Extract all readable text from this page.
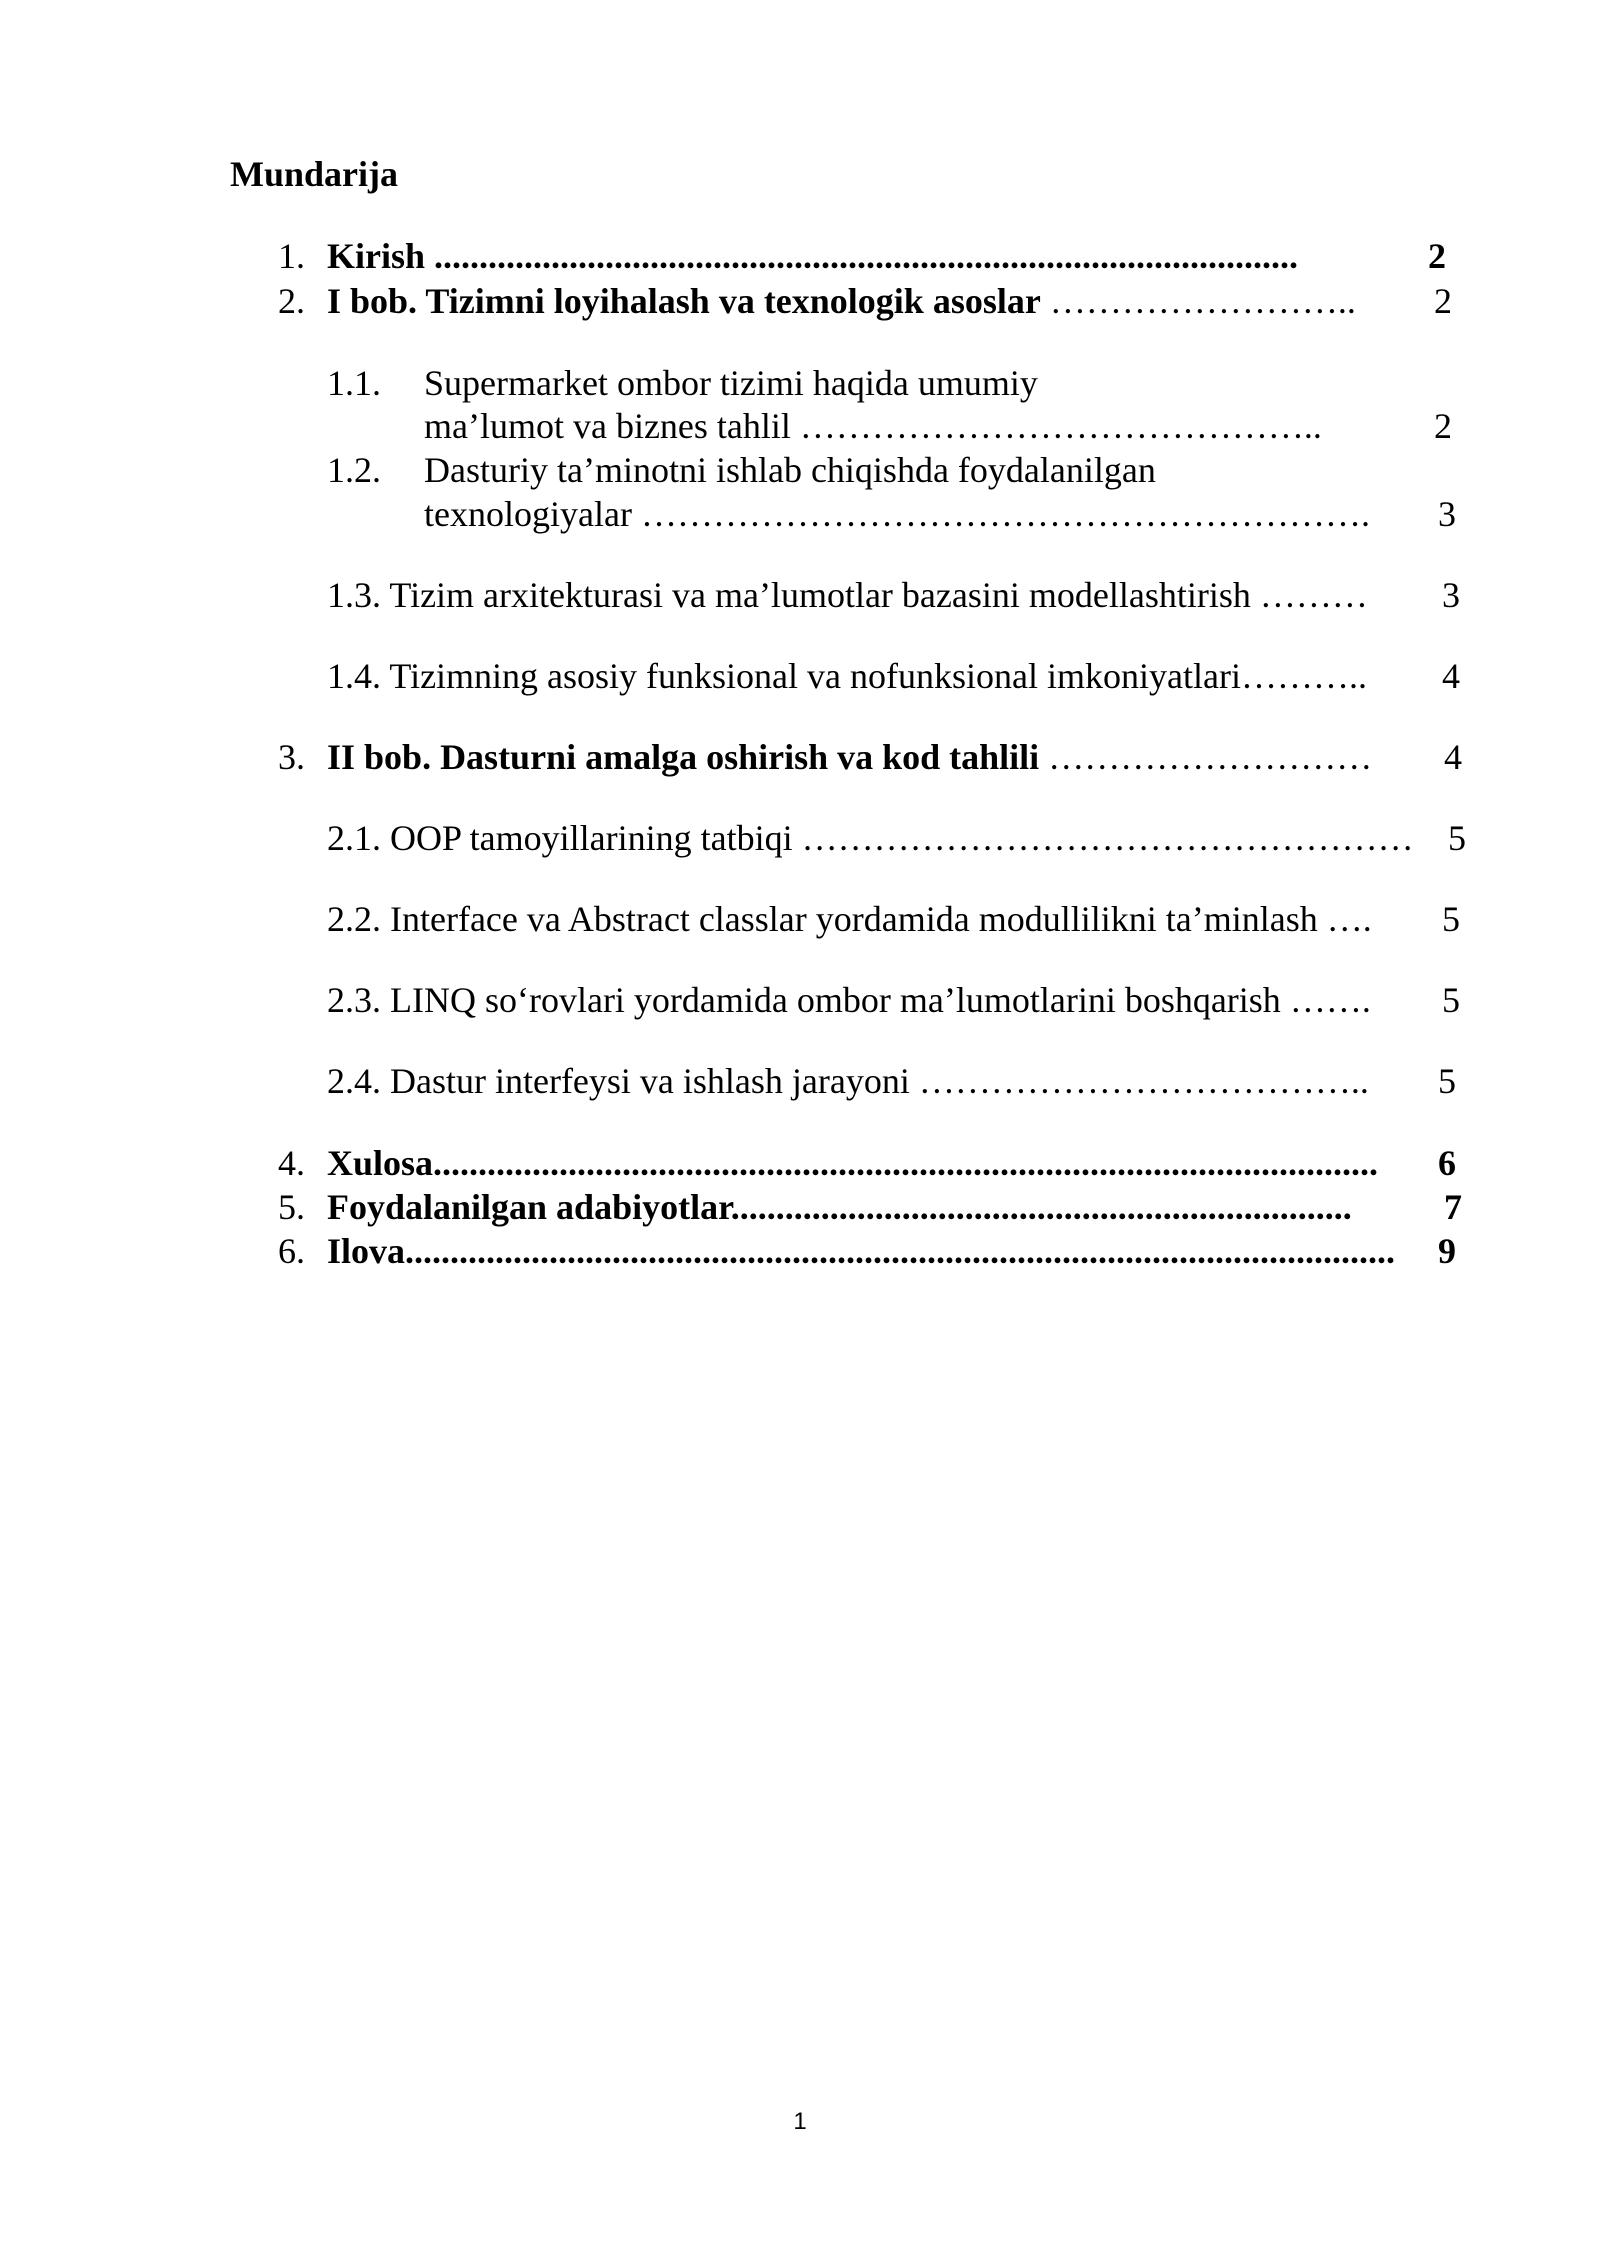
Mundarija
1. Kirish ................................................................................................	2
2. I bob. Tizimni loyihalash va texnologik asoslar …………………….. 2
1.1. Supermarket ombor tizimi haqida umumiy
ma’lumot va biznes tahlil ……………………………………..	2
1.2. Dasturiy ta’minotni ishlab chiqishda foydalanilgan
texnologiyalar ……………………………………………………. 3
1.3. Tizim arxitekturasi va ma’lumotlar bazasini modellashtirish ……… 3
1.4. Tizimning asosiy funksional va nofunksional imkoniyatlari……….. 4
3. II bob. Dasturni amalga oshirish va kod tahlili ……………………… 4
2.1. OOP tamoyillarining tatbiqi …………………………………………… 5
2.2. Interface va Abstract classlar yordamida modullilikni ta’minlash …. 5
2.3. LINQ so‘rovlari yordamida ombor ma’lumotlarini boshqarish ……. 5
2.4. Dastur interfeysi va ishlash jarayoni ……………………………….. 5
4. Xulosa......................................................................................................... 6
5. Foydalanilgan adabiyotlar.....................................................................	7
6. Ilova.............................................................................................................. 9
1
